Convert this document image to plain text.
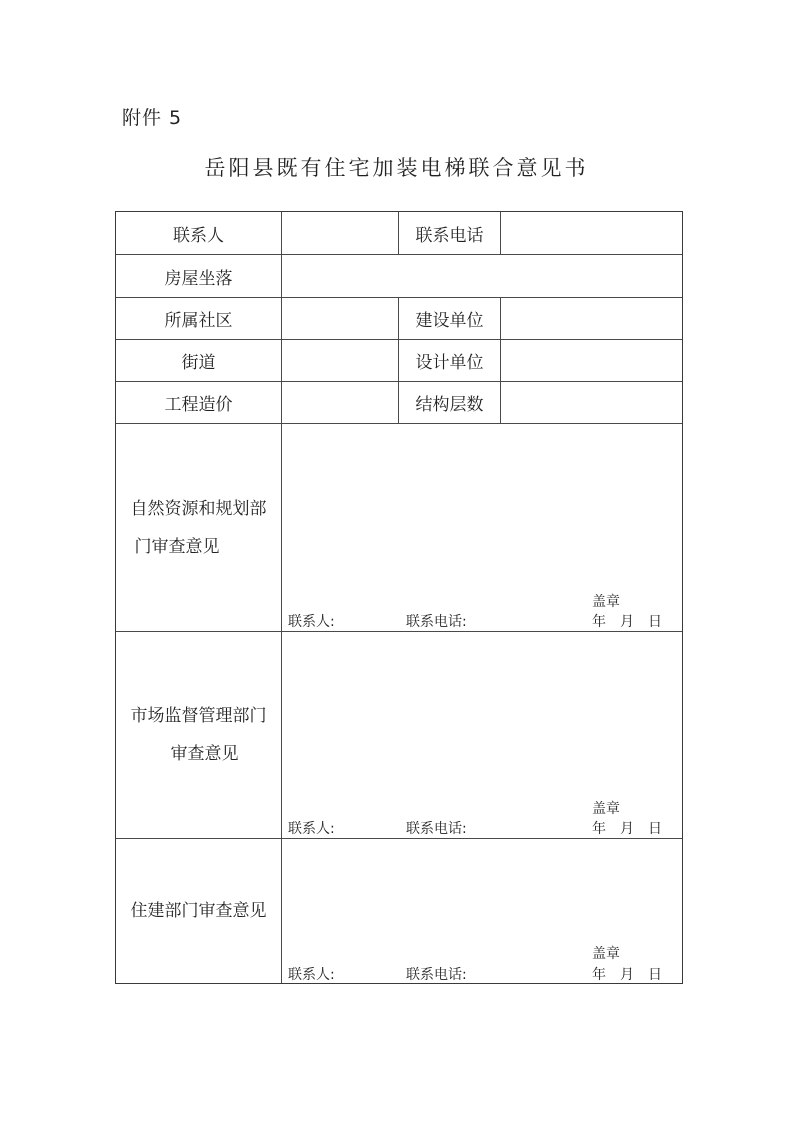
附件 5
岳阳县既有住宅加装电梯联合意见书
联系人	联系电话
房屋坐落
所属社区	建设单位
街道	设计单位
工程造价	结构层数
自然资源和规划部
门审查意见
盖章
联系人:	联系电话:	年　月　日
市场监督管理部门
审查意见
盖章
联系人:	联系电话:	年　月　日
住建部门审查意见
盖章
联系人:	联系电话:	年　月　日
